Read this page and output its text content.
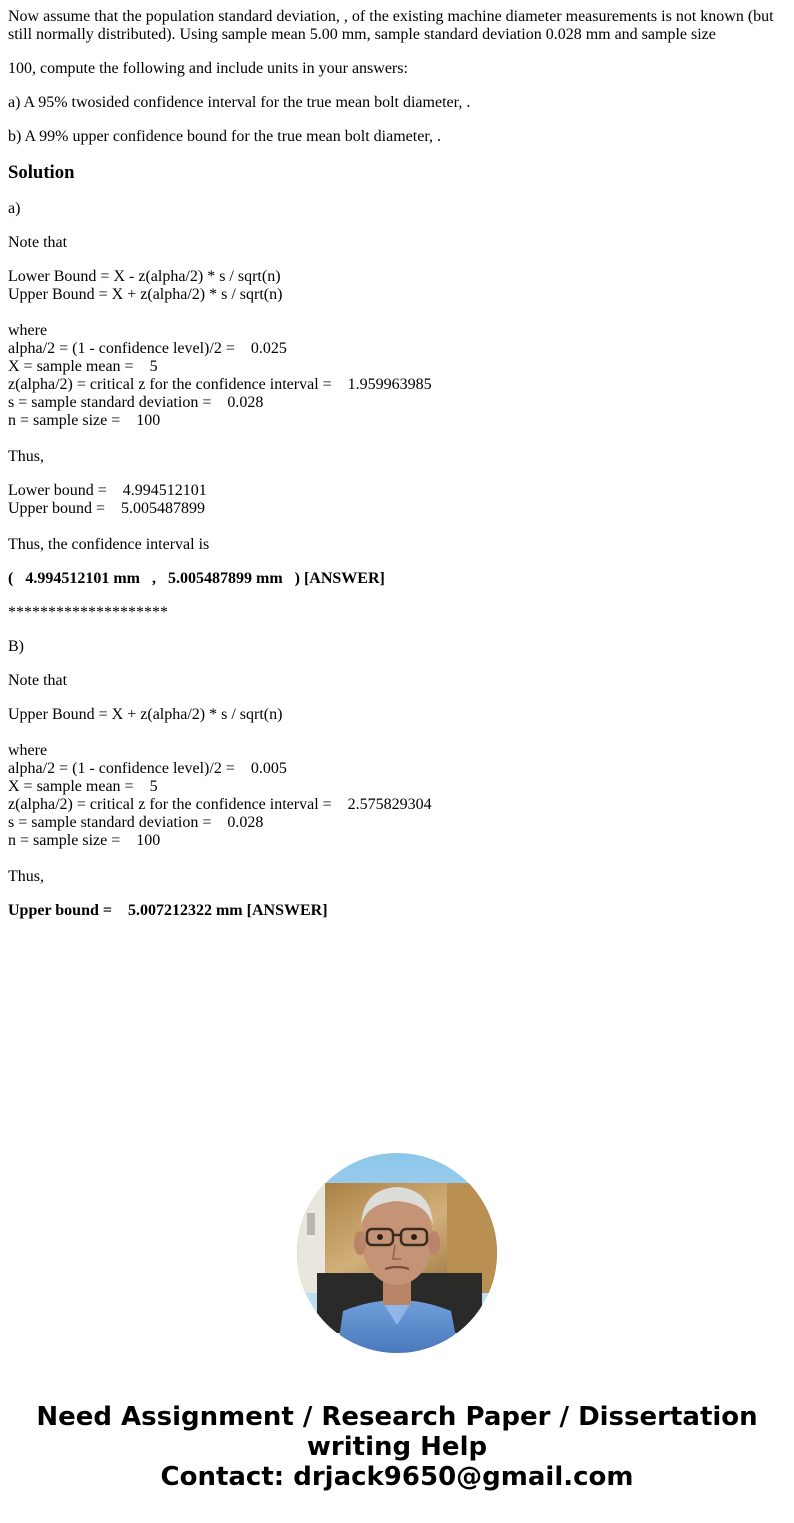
Now assume that the population standard deviation, , of the existing machine diameter measurements is not known (but still normally distributed). Using sample mean 5.00 mm, sample standard deviation 0.028 mm and sample size

100, compute the following and include units in your answers:

a) A 95% twosided confidence interval for the true mean bolt diameter, .

b) A 99% upper confidence bound for the true mean bolt diameter, .

Solution

a)

Note that

Lower Bound = X - z(alpha/2) * s / sqrt(n)
Upper Bound = X + z(alpha/2) * s / sqrt(n)
where
alpha/2 = (1 - confidence level)/2 =    0.025
X = sample mean =    5
z(alpha/2) = critical z for the confidence interval =    1.959963985
s = sample standard deviation =    0.028
n = sample size =    100

Thus,

Lower bound =    4.994512101
Upper bound =    5.005487899

Thus, the confidence interval is

(   4.994512101 mm   ,   5.005487899 mm   ) [ANSWER]

********************

B)

Note that

Upper Bound = X + z(alpha/2) * s / sqrt(n)
where
alpha/2 = (1 - confidence level)/2 =    0.005
X = sample mean =    5
z(alpha/2) = critical z for the confidence interval =    2.575829304
s = sample standard deviation =    0.028
n = sample size =    100

Thus,

Upper bound =    5.007212322 mm [ANSWER]

Need Assignment / Research Paper / Dissertation
writing Help
Contact: drjack9650@gmail.com
